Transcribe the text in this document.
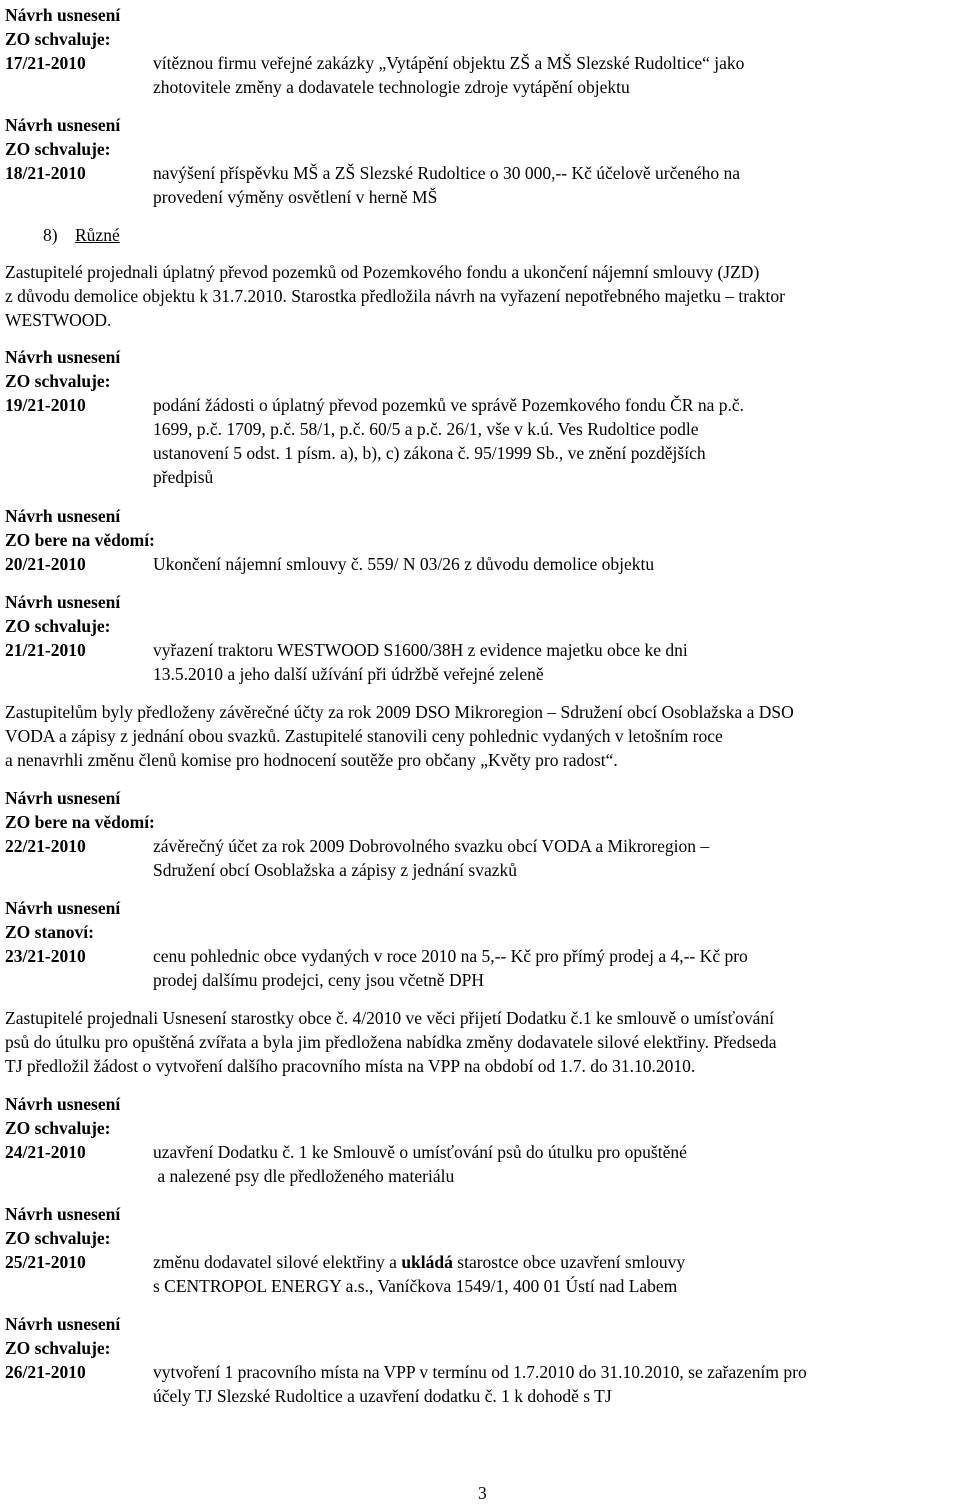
Návrh usnesení
ZO schvaluje:
17/21-2010	vítěznou firmu veřejné zakázky „Vytápění objektu ZŠ a MŠ Slezské Rudoltice“ jako
zhotovitele změny a dodavatele technologie zdroje vytápění objektu
Návrh usnesení
ZO schvaluje:
18/21-2010	navýšení příspěvku MŠ a ZŠ Slezské Rudoltice o 30 000,-- Kč účelově určeného na
provedení výměny osvětlení v herně MŠ
8) Různé
Zastupitelé projednali úplatný převod pozemků od Pozemkového fondu a ukončení nájemní smlouvy (JZD)
z důvodu demolice objektu k 31.7.2010. Starostka předložila návrh na vyřazení nepotřebného majetku – traktor
WESTWOOD.
Návrh usnesení
ZO schvaluje:
19/21-2010	podání žádosti o úplatný převod pozemků ve správě Pozemkového fondu ČR na p.č.
1699, p.č. 1709, p.č. 58/1, p.č. 60/5 a p.č. 26/1, vše v k.ú. Ves Rudoltice podle
ustanovení 5 odst. 1 písm. a), b), c) zákona č. 95/1999 Sb., ve znění pozdějších
předpisů
Návrh usnesení
ZO bere na vědomí:
20/21-2010	Ukončení nájemní smlouvy č. 559/ N 03/26 z důvodu demolice objektu
Návrh usnesení
ZO schvaluje:
21/21-2010	vyřazení traktoru WESTWOOD S1600/38H z evidence majetku obce ke dni
13.5.2010 a jeho další užívání při údržbě veřejné zeleně
Zastupitelům byly předloženy závěrečné účty za rok 2009 DSO Mikroregion – Sdružení obcí Osoblažska a DSO
VODA a zápisy z jednání obou svazků. Zastupitelé stanovili ceny pohlednic vydaných v letošním roce
a nenavrhli změnu členů komise pro hodnocení soutěže pro občany „Květy pro radost“.
Návrh usnesení
ZO bere na vědomí:
22/21-2010	závěrečný účet za rok 2009 Dobrovolného svazku obcí VODA a Mikroregion –
Sdružení obcí Osoblažska a zápisy z jednání svazků
Návrh usnesení
ZO stanoví:
23/21-2010	cenu pohlednic obce vydaných v roce 2010 na 5,-- Kč pro přímý prodej a 4,-- Kč pro
prodej dalšímu prodejci, ceny jsou včetně DPH
Zastupitelé projednali Usnesení starostky obce č. 4/2010 ve věci přijetí Dodatku č.1 ke smlouvě o umísťování
psů do útulku pro opuštěná zvířata a byla jim předložena nabídka změny dodavatele silové elektřiny. Předseda
TJ předložil žádost o vytvoření dalšího pracovního místa na VPP na období od 1.7. do 31.10.2010.
Návrh usnesení
ZO schvaluje:
24/21-2010	uzavření Dodatku č. 1 ke Smlouvě o umísťování psů do útulku pro opuštěné
a nalezené psy dle předloženého materiálu
Návrh usnesení
ZO schvaluje:
25/21-2010	změnu dodavatel silové elektřiny a ukládá starostce obce uzavření smlouvy
s CENTROPOL ENERGY a.s., Vaníčkova 1549/1, 400 01 Ústí nad Labem
Návrh usnesení
ZO schvaluje:
26/21-2010	vytvoření 1 pracovního místa na VPP v termínu od 1.7.2010 do 31.10.2010, se zařazením pro
účely TJ Slezské Rudoltice a uzavření dodatku č. 1 k dohodě s TJ
3
